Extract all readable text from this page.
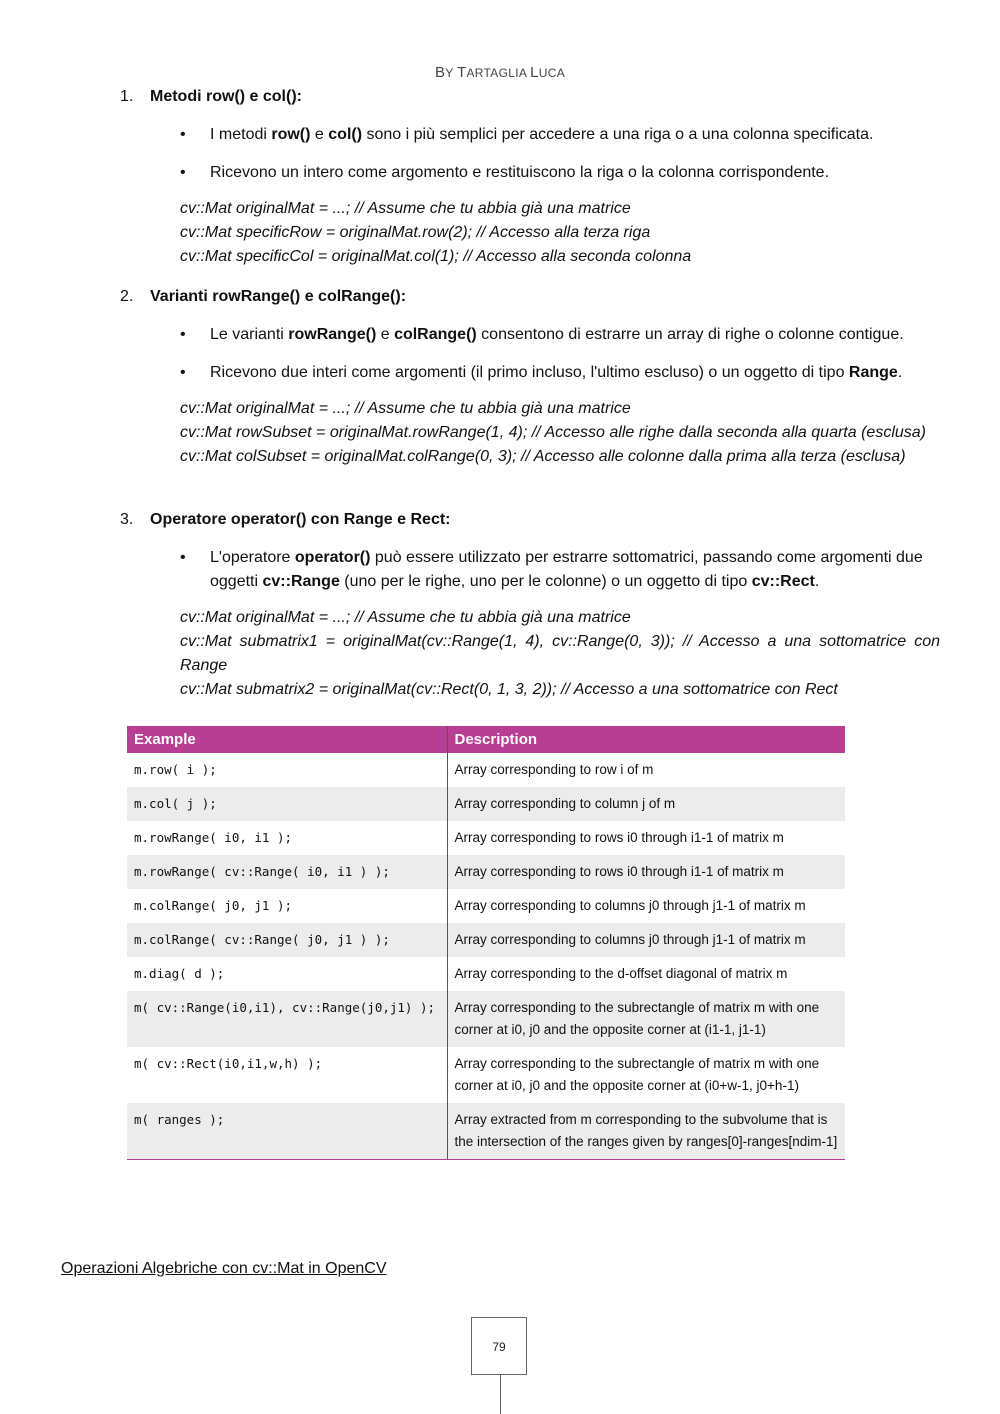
BY TARTAGLIA LUCA
1. Metodi row() e col():
• I metodi row() e col() sono i più semplici per accedere a una riga o a una colonna specificata.
• Ricevono un intero come argomento e restituiscono la riga o la colonna corrispondente.
cv::Mat originalMat = ...; // Assume che tu abbia già una matrice
cv::Mat specificRow = originalMat.row(2); // Accesso alla terza riga
cv::Mat specificCol = originalMat.col(1); // Accesso alla seconda colonna
2. Varianti rowRange() e colRange():
• Le varianti rowRange() e colRange() consentono di estrarre un array di righe o colonne contigue.
• Ricevono due interi come argomenti (il primo incluso, l'ultimo escluso) o un oggetto di tipo Range.
cv::Mat originalMat = ...; // Assume che tu abbia già una matrice
cv::Mat rowSubset = originalMat.rowRange(1, 4); // Accesso alle righe dalla seconda alla quarta (esclusa)
cv::Mat colSubset = originalMat.colRange(0, 3); // Accesso alle colonne dalla prima alla terza (esclusa)
3. Operatore operator() con Range e Rect:
• L'operatore operator() può essere utilizzato per estrarre sottomatrici, passando come argomenti due oggetti cv::Range (uno per le righe, uno per le colonne) o un oggetto di tipo cv::Rect.
cv::Mat originalMat = ...; // Assume che tu abbia già una matrice
cv::Mat submatrix1 = originalMat(cv::Range(1, 4), cv::Range(0, 3)); // Accesso a una sottomatrice con Range
cv::Mat submatrix2 = originalMat(cv::Rect(0, 1, 3, 2)); // Accesso a una sottomatrice con Rect
Example	Description
m.row( i );	Array corresponding to row i of m
m.col( j );	Array corresponding to column j of m
m.rowRange( i0, i1 );	Array corresponding to rows i0 through i1-1 of matrix m
m.rowRange( cv::Range( i0, i1 ) );	Array corresponding to rows i0 through i1-1 of matrix m
m.colRange( j0, j1 );	Array corresponding to columns j0 through j1-1 of matrix m
m.colRange( cv::Range( j0, j1 ) );	Array corresponding to columns j0 through j1-1 of matrix m
m.diag( d );	Array corresponding to the d-offset diagonal of matrix m
m( cv::Range(i0,i1), cv::Range(j0,j1) );	Array corresponding to the subrectangle of matrix m with one corner at i0, j0 and the opposite corner at (i1-1, j1-1)
m( cv::Rect(i0,i1,w,h) );	Array corresponding to the subrectangle of matrix m with one corner at i0, j0 and the opposite corner at (i0+w-1, j0+h-1)
m( ranges );	Array extracted from m corresponding to the subvolume that is the intersection of the ranges given by ranges[0]-ranges[ndim-1]
Operazioni Algebriche con cv::Mat in OpenCV
79
